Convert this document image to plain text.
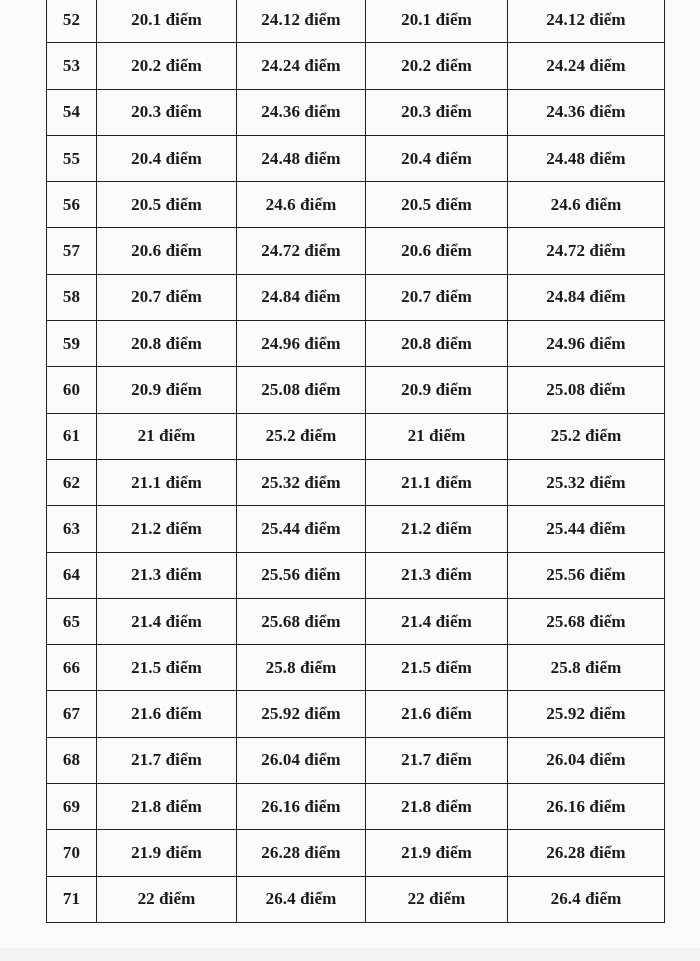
52	20.1 điểm	24.12 điểm	20.1 điểm	24.12 điểm
53	20.2 điểm	24.24 điểm	20.2 điểm	24.24 điểm
54	20.3 điểm	24.36 điểm	20.3 điểm	24.36 điểm
55	20.4 điểm	24.48 điểm	20.4 điểm	24.48 điểm
56	20.5 điểm	24.6 điểm	20.5 điểm	24.6 điểm
57	20.6 điểm	24.72 điểm	20.6 điểm	24.72 điểm
58	20.7 điểm	24.84 điểm	20.7 điểm	24.84 điểm
59	20.8 điểm	24.96 điểm	20.8 điểm	24.96 điểm
60	20.9 điểm	25.08 điểm	20.9 điểm	25.08 điểm
61	21 điểm	25.2 điểm	21 điểm	25.2 điểm
62	21.1 điểm	25.32 điểm	21.1 điểm	25.32 điểm
63	21.2 điểm	25.44 điểm	21.2 điểm	25.44 điểm
64	21.3 điểm	25.56 điểm	21.3 điểm	25.56 điểm
65	21.4 điểm	25.68 điểm	21.4 điểm	25.68 điểm
66	21.5 điểm	25.8 điểm	21.5 điểm	25.8 điểm
67	21.6 điểm	25.92 điểm	21.6 điểm	25.92 điểm
68	21.7 điểm	26.04 điểm	21.7 điểm	26.04 điểm
69	21.8 điểm	26.16 điểm	21.8 điểm	26.16 điểm
70	21.9 điểm	26.28 điểm	21.9 điểm	26.28 điểm
71	22 điểm	26.4 điểm	22 điểm	26.4 điểm
